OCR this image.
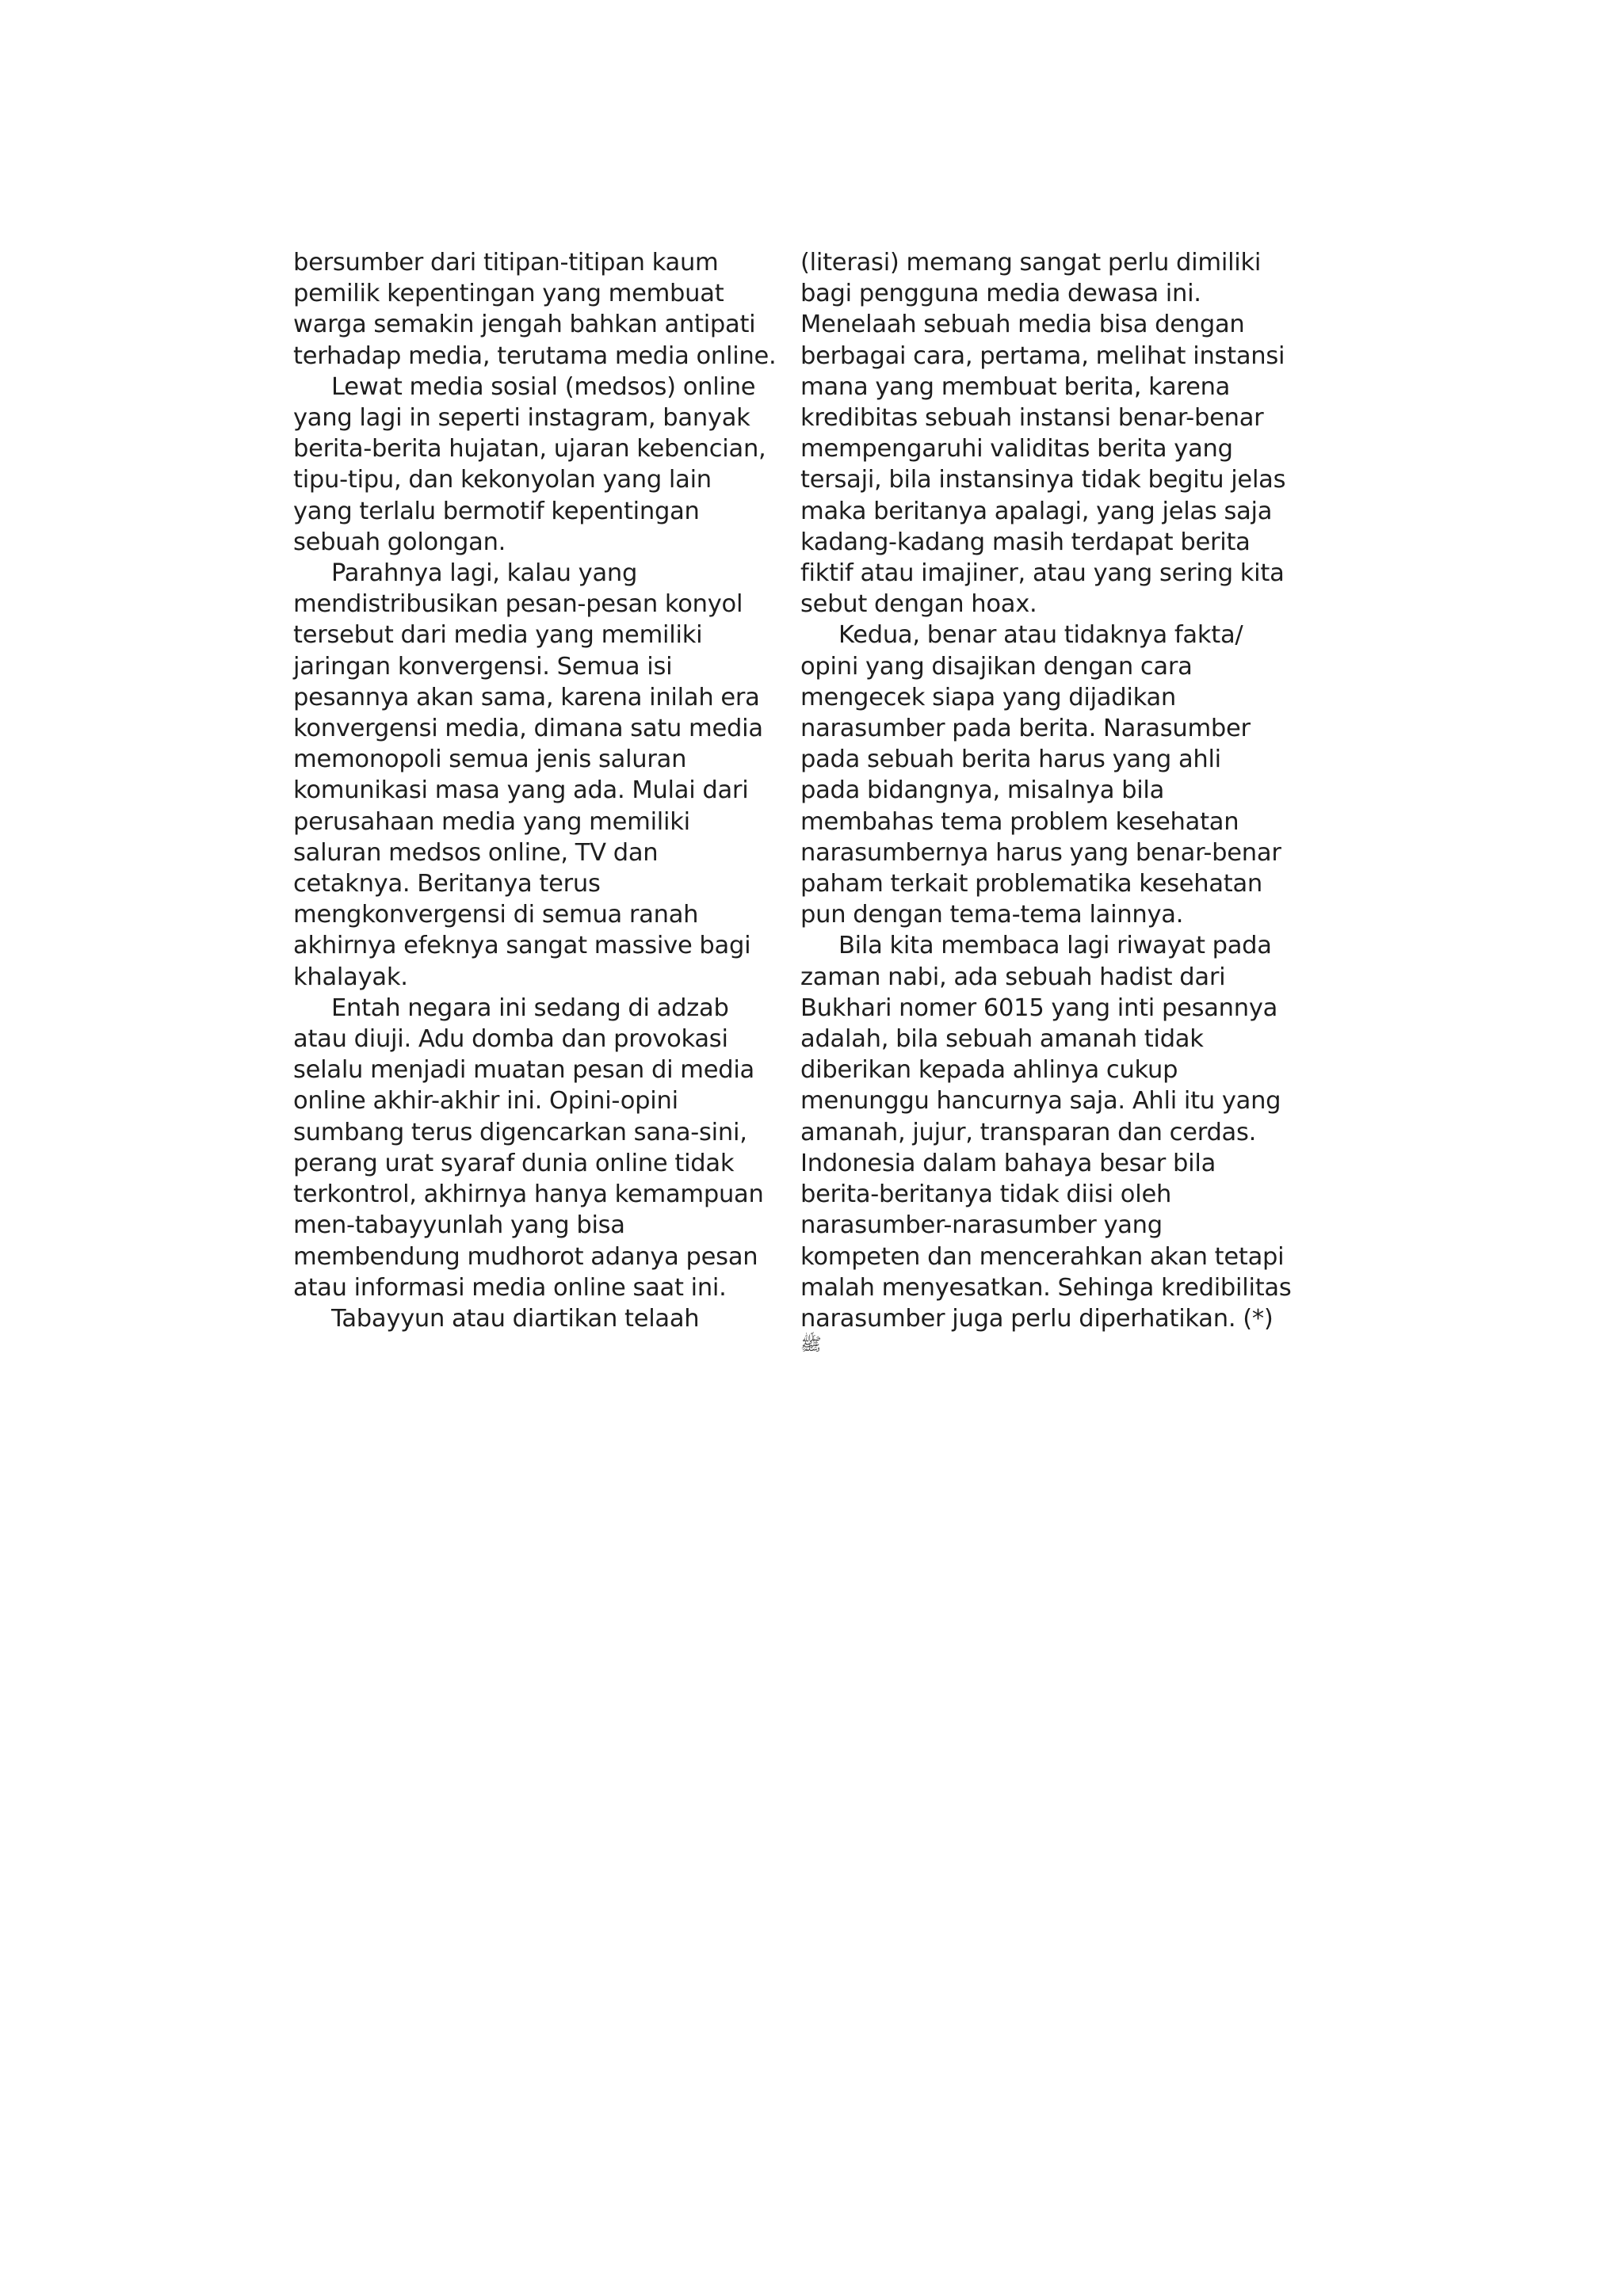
bersumber dari titipan-titipan kaum
pemilik kepentingan yang membuat
warga semakin jengah bahkan antipati
terhadap media, terutama media online.

Lewat media sosial (medsos) online
yang lagi in seperti instagram, banyak
berita-berita hujatan, ujaran kebencian,
tipu-tipu, dan kekonyolan yang lain
yang terlalu bermotif kepentingan
sebuah golongan.

Parahnya lagi, kalau yang
mendistribusikan pesan-pesan konyol
tersebut dari media yang memiliki
jaringan konvergensi. Semua isi
pesannya akan sama, karena inilah era
konvergensi media, dimana satu media
memonopoli semua jenis saluran
komunikasi masa yang ada. Mulai dari
perusahaan media yang memiliki
saluran medsos online, TV dan
cetaknya. Beritanya terus
mengkonvergensi di semua ranah
akhirnya efeknya sangat massive bagi
khalayak.

Entah negara ini sedang di adzab
atau diuji. Adu domba dan provokasi
selalu menjadi muatan pesan di media
online akhir-akhir ini. Opini-opini
sumbang terus digencarkan sana-sini,
perang urat syaraf dunia online tidak
terkontrol, akhirnya hanya kemampuan
men-tabayyunlah yang bisa
membendung mudhorot adanya pesan
atau informasi media online saat ini.

Tabayyun atau diartikan telaah

(literasi) memang sangat perlu dimiliki
bagi pengguna media dewasa ini.
Menelaah sebuah media bisa dengan
berbagai cara, pertama, melihat instansi
mana yang membuat berita, karena
kredibitas sebuah instansi benar-benar
mempengaruhi validitas berita yang
tersaji, bila instansinya tidak begitu jelas
maka beritanya apalagi, yang jelas saja
kadang-kadang masih terdapat berita
fiktif atau imajiner, atau yang sering kita
sebut dengan hoax.

Kedua, benar atau tidaknya fakta/
opini yang disajikan dengan cara
mengecek siapa yang dijadikan
narasumber pada berita. Narasumber
pada sebuah berita harus yang ahli
pada bidangnya, misalnya bila
membahas tema problem kesehatan
narasumbernya harus yang benar-benar
paham terkait problematika kesehatan
pun dengan tema-tema lainnya.

Bila kita membaca lagi riwayat pada
zaman nabi, ada sebuah hadist dari
Bukhari nomer 6015 yang inti pesannya
adalah, bila sebuah amanah tidak
diberikan kepada ahlinya cukup
menunggu hancurnya saja. Ahli itu yang
amanah, jujur, transparan dan cerdas.
Indonesia dalam bahaya besar bila
berita-beritanya tidak diisi oleh
narasumber-narasumber yang
kompeten dan mencerahkan akan tetapi
malah menyesatkan. Sehinga kredibilitas
narasumber juga perlu diperhatikan. (*)

ﷺ
